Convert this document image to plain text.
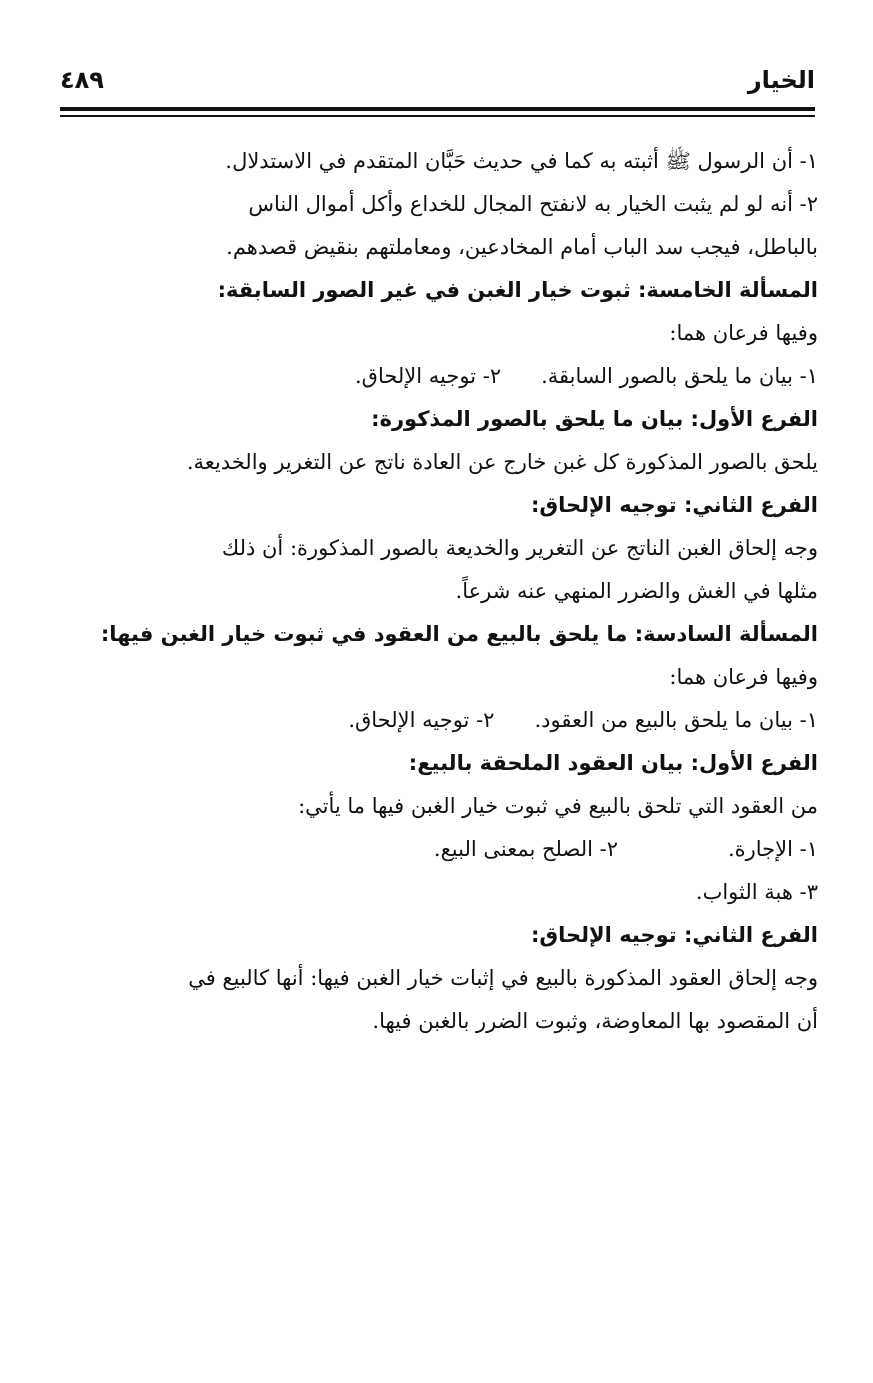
الخيار
٤٨٩

١- أن الرسول ﷺ أثبته به كما في حديث حَبَّان المتقدم في الاستدلال.

٢- أنه لو لم يثبت الخيار به لانفتح المجال للخداع وأكل أموال الناس

بالباطل، فيجب سد الباب أمام المخادعين، ومعاملتهم بنقيض قصدهم.

المسألة الخامسة: ثبوت خيار الغبن في غير الصور السابقة:

وفيها فرعان هما:

١- بيان ما يلحق بالصور السابقة.
٢- توجيه الإلحاق.

الفرع الأول: بيان ما يلحق بالصور المذكورة:

يلحق بالصور المذكورة كل غبن خارج عن العادة ناتج عن التغرير والخديعة.

الفرع الثاني: توجيه الإلحاق:

وجه إلحاق الغبن الناتج عن التغرير والخديعة بالصور المذكورة: أن ذلك

مثلها في الغش والضرر المنهي عنه شرعاً.

المسألة السادسة: ما يلحق بالبيع من العقود في ثبوت خيار الغبن فيها:

وفيها فرعان هما:

١- بيان ما يلحق بالبيع من العقود.
٢- توجيه الإلحاق.

الفرع الأول: بيان العقود الملحقة بالبيع:

من العقود التي تلحق بالبيع في ثبوت خيار الغبن فيها ما يأتي:

١- الإجارة.
٢- الصلح بمعنى البيع.

٣- هبة الثواب.

الفرع الثاني: توجيه الإلحاق:

وجه إلحاق العقود المذكورة بالبيع في إثبات خيار الغبن فيها: أنها كالبيع في

أن المقصود بها المعاوضة، وثبوت الضرر بالغبن فيها.
